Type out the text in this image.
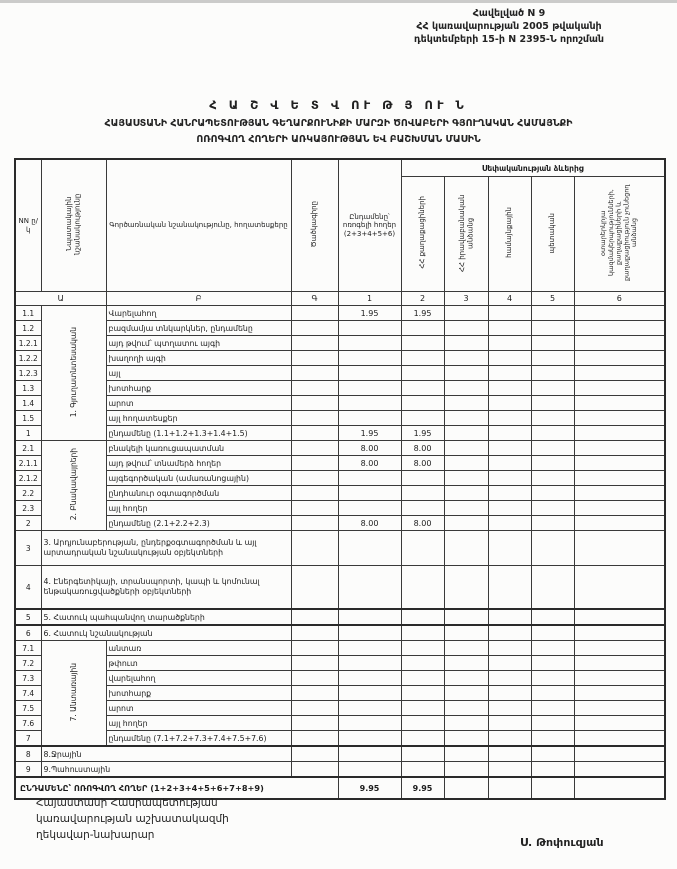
Հավելված N 9
ՀՀ կառավարության 2005 թվականի
դեկտեմբերի 15-ի N 2395-Ն որոշման
Հ Ա Շ Վ Ե Տ Վ ՈՒ Թ Յ ՈՒ Ն
ՀԱՅԱՍՏԱՆԻ ՀԱՆՐԱՊԵՏՈՒԹՅԱՆ ԳԵՂԱՐՔՈՒՆԻՔԻ ՄԱՐԶԻ ԾՈՎԱԲԵՐԻ ԳՅՈՒՂԱԿԱՆ ՀԱՄԱՅՆՔԻ
ՈՌՈԳՎՈՂ ՀՈՂԵՐԻ ԱՌԿԱՅՈՒԹՅԱՆ ԵՎ ԲԱՇԽՄԱՆ ՄԱՍԻՆ
NN ը/կ	Նպատակային նշանակությունը	Գործառնական նշանակությունը, հողատեսքերը	Ծածկագիրը	Ընդամենը՝ ոռոգելի հողեր (2+3+4+5+6)	Սեփականության ձևերից				
					ՀՀ քաղաքացիների	ՀՀ իրավաբանական անձանց	համայնքային	պետական	օտարերկրյա կազմակերպությունների, քաղաքացիների և քաղաքացիություն չունեցող անձանց
Ա		Բ	Գ	1	2	3	4	5	6
1.1	1. Գյուղատնտեսական	Վարելահող		1.95	1.95				
1.2		բազմամյա տնկարկներ, ընդամենը							
1.2.1		այդ թվում՝ պտղատու այգի							
1.2.2		խաղողի այգի							
1.2.3		այլ							
1.3		խոտհարք							
1.4		արոտ							
1.5		այլ հողատեսքեր							
1		ընդամենը (1.1+1.2+1.3+1.4+1.5)		1.95	1.95				
2.1	2. Բնակավայրերի	բնակելի կառուցապատման		8.00	8.00				
2.1.1		այդ թվում՝ տնամերձ հողեր		8.00	8.00				
2.1.2		այգեգործական (ամառանոցային)							
2.2		ընդհանուր օգտագործման							
2.3		այլ հողեր							
2		ընդամենը (2.1+2.2+2.3)		8.00	8.00				
3	3. Արդյունաբերության, ընդերքօգտագործման և այլ արտադրական նշանակության օբյեկտների								
4	4. Էներգետիկայի, տրանսպորտի, կապի և կոմունալ ենթակառուցվածքների օբյեկտների								
5	5. Հատուկ պահպանվող տարածքների								
6	6. Հատուկ նշանակության								
7.1	7. Անտառային	անտառ							
7.2		թփուտ							
7.3		վարելահող							
7.4		խոտհարք							
7.5		արոտ							
7.6		այլ հողեր							
7		ընդամենը (7.1+7.2+7.3+7.4+7.5+7.6)							
8	8.Ջրային								
9	9.Պահուստային								
ԸՆԴԱՄԵՆԸ՝ ՈՌՈԳՎՈՂ ՀՈՂԵՐ (1+2+3+4+5+6+7+8+9)				9.95	9.95				
Հայաստանի Հանրապետության
կառավարության աշխատակազմի
ղեկավար-նախարար
Ս. Թոփուզյան
